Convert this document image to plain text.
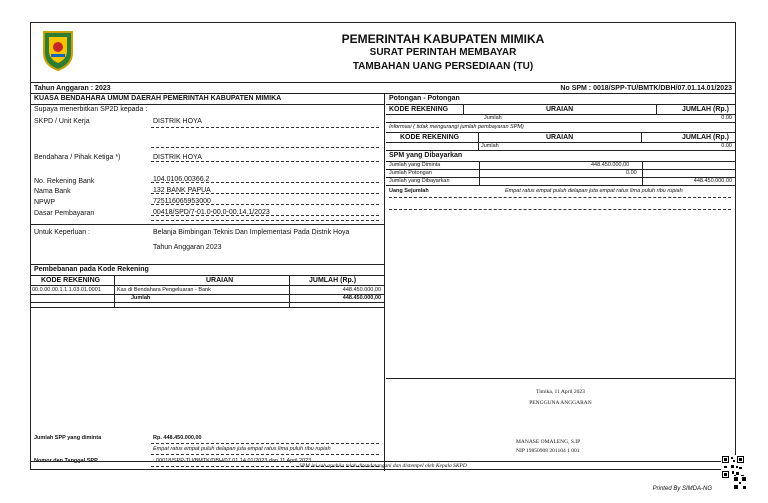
PEMERINTAH KABUPATEN MIMIKA
SURAT PERINTAH MEMBAYAR
TAMBAHAN UANG PERSEDIAAN (TU)
Tahun Anggaran : 2023	No SPM : 0018/SPP-TU/BMTK/DBH/07.01.14.01/2023
KUASA BENDAHARA UMUM DAERAH PEMERINTAH KABUPATEN MIMIKA
Supaya menerbitkan SP2D kepada :
SKPD / Unit Kerja	DISTRIK HOYA
Bendahara / Pihak Ketiga *)	DISTRIK HOYA
No. Rekening Bank	104.0106.00366.2
Nama Bank	132 BANK PAPUA
NPWP	725116065953000
Dasar Pembayaran	00418/SPD/7-01.0-00.0-00.14.1/2023
Untuk Keperluan :	Belanja Bimbingan Teknis Dan Implementasi Pada Distrik Hoya
Tahun Anggaran 2023
Pembebanan pada Kode Rekening
KODE REKENING	URAIAN	JUMLAH (Rp.)
00.0.00.00.1.1.1.03.01.0001	Kas di Bendahara Pengeluaran - Bank	448.450.000,00
Jumlah	448.450.000,00
Jumlah SPP yang diminta	Rp. 448.450.000,00
Empat ratus empat puluh delapan juta empat ratus lima puluh ribu rupiah
Nomor dan Tanggal SPP	: 00018/SPP-TU/BMTK/DBH/07.01.14.01/2023 dan 11 April 2023
Potongan - Potongan
KODE REKENING	URAIAN	JUMLAH (Rp.)
Jumlah	0.00
Informasi ( tidak mengurangi jumlah pembayaran SPM)
KODE REKENING	URAIAN	JUMLAH (Rp.)
Jumlah	0.00
SPM yang Dibayarkan
Jumlah yang Diminta	448.450.000,00
Jumlah Potongan	0.00
Jumlah yang Dibayarkan	448.450.000.00
Uang Sejumlah	Empat ratus empat puluh delapan juta empat ratus lima puluh ribu rupiah
Timika, 11 April 2023
PENGGUNA ANGGARAN
MANASE OMALENG, S.IP
NIP 19850908 201104 1 001
SPM ini sah apabila telah ditandatangani dan distempel oleh Kepala SKPD
Printed By SIMDA-NG
